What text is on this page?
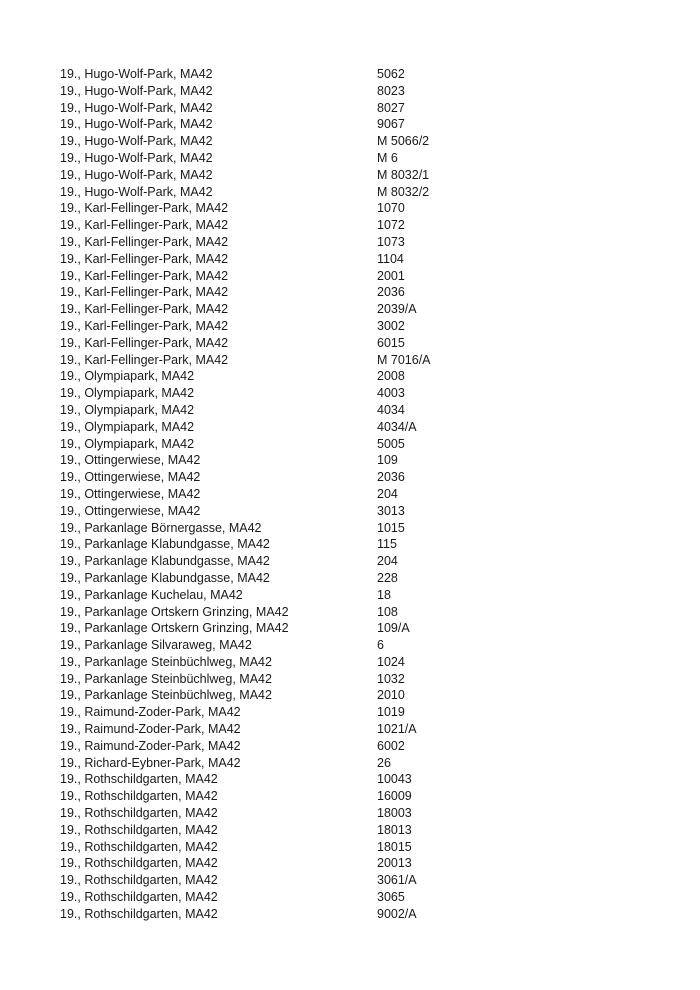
19., Hugo-Wolf-Park, MA42	5062
19., Hugo-Wolf-Park, MA42	8023
19., Hugo-Wolf-Park, MA42	8027
19., Hugo-Wolf-Park, MA42	9067
19., Hugo-Wolf-Park, MA42	M 5066/2
19., Hugo-Wolf-Park, MA42	M 6
19., Hugo-Wolf-Park, MA42	M 8032/1
19., Hugo-Wolf-Park, MA42	M 8032/2
19., Karl-Fellinger-Park, MA42	1070
19., Karl-Fellinger-Park, MA42	1072
19., Karl-Fellinger-Park, MA42	1073
19., Karl-Fellinger-Park, MA42	1104
19., Karl-Fellinger-Park, MA42	2001
19., Karl-Fellinger-Park, MA42	2036
19., Karl-Fellinger-Park, MA42	2039/A
19., Karl-Fellinger-Park, MA42	3002
19., Karl-Fellinger-Park, MA42	6015
19., Karl-Fellinger-Park, MA42	M 7016/A
19., Olympiapark, MA42	2008
19., Olympiapark, MA42	4003
19., Olympiapark, MA42	4034
19., Olympiapark, MA42	4034/A
19., Olympiapark, MA42	5005
19., Ottingerwiese, MA42	109
19., Ottingerwiese, MA42	2036
19., Ottingerwiese, MA42	204
19., Ottingerwiese, MA42	3013
19., Parkanlage Börnergasse, MA42	1015
19., Parkanlage Klabundgasse, MA42	115
19., Parkanlage Klabundgasse, MA42	204
19., Parkanlage Klabundgasse, MA42	228
19., Parkanlage Kuchelau, MA42	18
19., Parkanlage Ortskern Grinzing, MA42	108
19., Parkanlage Ortskern Grinzing, MA42	109/A
19., Parkanlage Silvaraweg, MA42	6
19., Parkanlage Steinbüchlweg, MA42	1024
19., Parkanlage Steinbüchlweg, MA42	1032
19., Parkanlage Steinbüchlweg, MA42	2010
19., Raimund-Zoder-Park, MA42	1019
19., Raimund-Zoder-Park, MA42	1021/A
19., Raimund-Zoder-Park, MA42	6002
19., Richard-Eybner-Park, MA42	26
19., Rothschildgarten, MA42	10043
19., Rothschildgarten, MA42	16009
19., Rothschildgarten, MA42	18003
19., Rothschildgarten, MA42	18013
19., Rothschildgarten, MA42	18015
19., Rothschildgarten, MA42	20013
19., Rothschildgarten, MA42	3061/A
19., Rothschildgarten, MA42	3065
19., Rothschildgarten, MA42	9002/A
